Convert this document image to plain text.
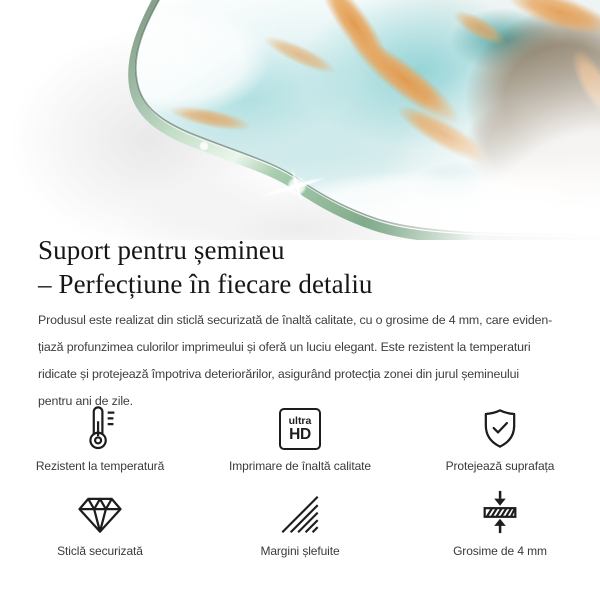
Suport pentru șemineu
– Perfecțiune în fiecare detaliu

Produsul este realizat din sticlă securizată de înaltă calitate, cu o grosime de 4 mm, care eviden-
țiază profunzimea culorilor imprimeului și oferă un luciu elegant. Este rezistent la temperaturi
ridicate și protejează împotriva deteriorărilor, asigurând protecția zonei din jurul șemineului
pentru ani de zile.

Rezistent la temperatură
ultra
HD
Imprimare de înaltă calitate	Protejează suprafața
Sticlă securizată	Margini șlefuite	Grosime de 4 mm
